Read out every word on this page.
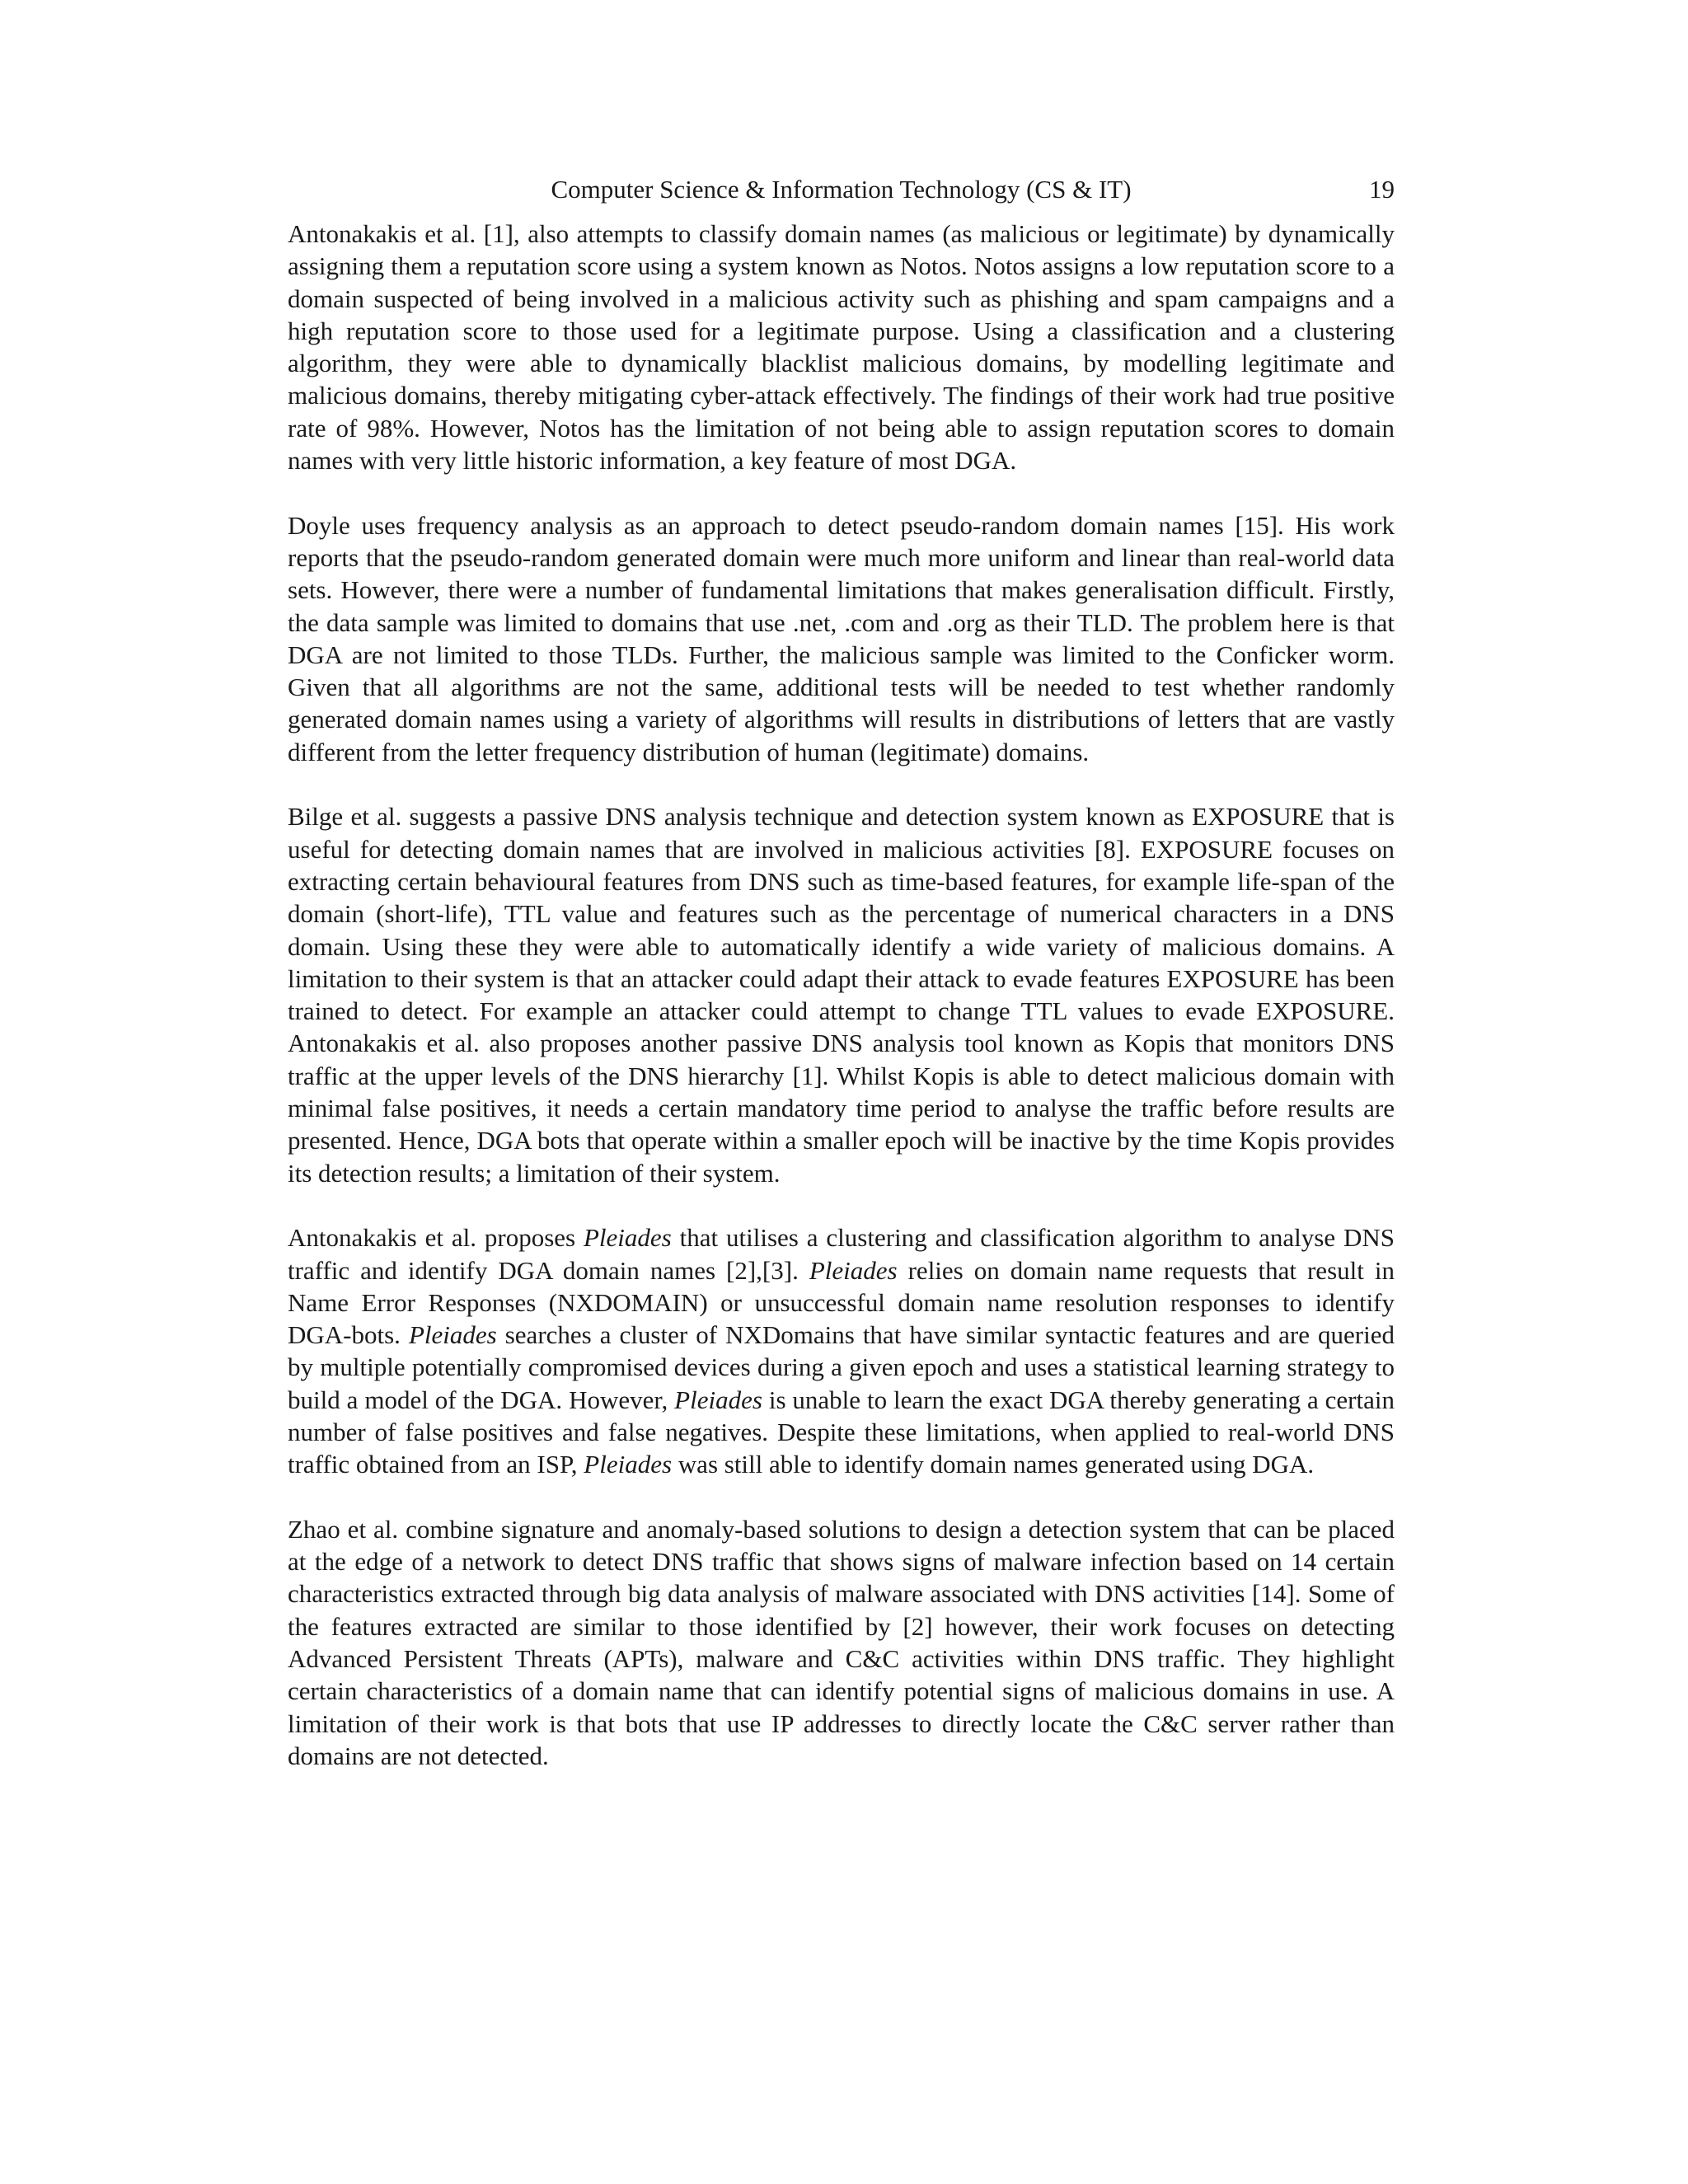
Computer Science & Information Technology (CS & IT)	19

Antonakakis et al. [1], also attempts to classify domain names (as malicious or legitimate) by dynamically assigning them a reputation score using a system known as Notos. Notos assigns a low reputation score to a domain suspected of being involved in a malicious activity such as phishing and spam campaigns and a high reputation score to those used for a legitimate purpose. Using a classification and a clustering algorithm, they were able to dynamically blacklist malicious domains, by modelling legitimate and malicious domains, thereby mitigating cyber-attack effectively. The findings of their work had true positive rate of 98%. However, Notos has the limitation of not being able to assign reputation scores to domain names with very little historic information, a key feature of most DGA.

Doyle uses frequency analysis as an approach to detect pseudo-random domain names [15]. His work reports that the pseudo-random generated domain were much more uniform and linear than real-world data sets. However, there were a number of fundamental limitations that makes generalisation difficult. Firstly, the data sample was limited to domains that use .net, .com and .org as their TLD. The problem here is that DGA are not limited to those TLDs. Further, the malicious sample was limited to the Conficker worm. Given that all algorithms are not the same, additional tests will be needed to test whether randomly generated domain names using a variety of algorithms will results in distributions of letters that are vastly different from the letter frequency distribution of human (legitimate) domains.

Bilge et al. suggests a passive DNS analysis technique and detection system known as EXPOSURE that is useful for detecting domain names that are involved in malicious activities [8]. EXPOSURE focuses on extracting certain behavioural features from DNS such as time-based features, for example life-span of the domain (short-life), TTL value and features such as the percentage of numerical characters in a DNS domain. Using these they were able to automatically identify a wide variety of malicious domains. A limitation to their system is that an attacker could adapt their attack to evade features EXPOSURE has been trained to detect. For example an attacker could attempt to change TTL values to evade EXPOSURE. Antonakakis et al. also proposes another passive DNS analysis tool known as Kopis that monitors DNS traffic at the upper levels of the DNS hierarchy [1]. Whilst Kopis is able to detect malicious domain with minimal false positives, it needs a certain mandatory time period to analyse the traffic before results are presented. Hence, DGA bots that operate within a smaller epoch will be inactive by the time Kopis provides its detection results; a limitation of their system.

Antonakakis et al. proposes Pleiades that utilises a clustering and classification algorithm to analyse DNS traffic and identify DGA domain names [2],[3]. Pleiades relies on domain name requests that result in Name Error Responses (NXDOMAIN) or unsuccessful domain name resolution responses to identify DGA-bots. Pleiades searches a cluster of NXDomains that have similar syntactic features and are queried by multiple potentially compromised devices during a given epoch and uses a statistical learning strategy to build a model of the DGA. However, Pleiades is unable to learn the exact DGA thereby generating a certain number of false positives and false negatives. Despite these limitations, when applied to real-world DNS traffic obtained from an ISP, Pleiades was still able to identify domain names generated using DGA.

Zhao et al. combine signature and anomaly-based solutions to design a detection system that can be placed at the edge of a network to detect DNS traffic that shows signs of malware infection based on 14 certain characteristics extracted through big data analysis of malware associated with DNS activities [14]. Some of the features extracted are similar to those identified by [2] however, their work focuses on detecting Advanced Persistent Threats (APTs), malware and C&C activities within DNS traffic. They highlight certain characteristics of a domain name that can identify potential signs of malicious domains in use. A limitation of their work is that bots that use IP addresses to directly locate the C&C server rather than domains are not detected.
